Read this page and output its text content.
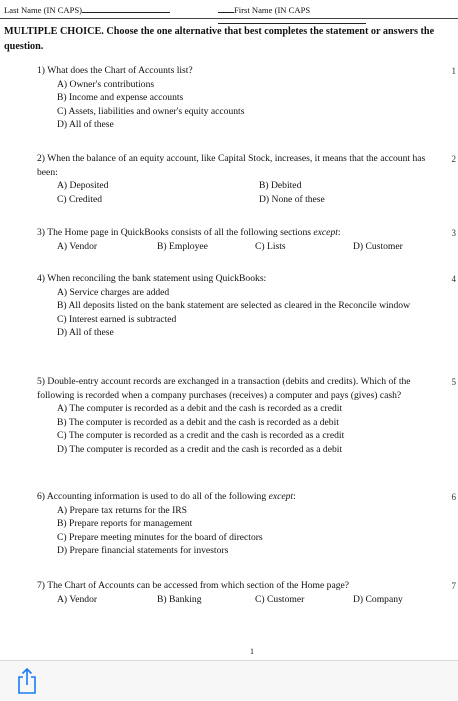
Last Name (IN CAPS)	First Name (IN CAPS
MULTIPLE CHOICE. Choose the one alternative that best completes the statement or answers the question.
1) What does the Chart of Accounts list?
A) Owner's contributions
B) Income and expense accounts
C) Assets, liabilities and owner's equity accounts
D) All of these
1
2) When the balance of an equity account, like Capital Stock, increases, it means that the account has been:
A) Deposited	B) Debited
C) Credited	D) None of these
2
3) The Home page in QuickBooks consists of all the following sections except:
A) Vendor	B) Employee	C) Lists	D) Customer
3
4) When reconciling the bank statement using QuickBooks:
A) Service charges are added
B) All deposits listed on the bank statement are selected as cleared in the Reconcile window
C) Interest earned is subtracted
D) All of these
4
5) Double-entry account records are exchanged in a transaction (debits and credits). Which of the following is recorded when a company purchases (receives) a computer and pays (gives) cash?
A) The computer is recorded as a debit and the cash is recorded as a credit
B) The computer is recorded as a debit and the cash is recorded as a debit
C) The computer is recorded as a credit and the cash is recorded as a credit
D) The computer is recorded as a credit and the cash is recorded as a debit
5
6) Accounting information is used to do all of the following except:
A) Prepare tax returns for the IRS
B) Prepare reports for management
C) Prepare meeting minutes for the board of directors
D) Prepare financial statements for investors
6
7) The Chart of Accounts can be accessed from which section of the Home page?
A) Vendor	B) Banking	C) Customer	D) Company
7
1
